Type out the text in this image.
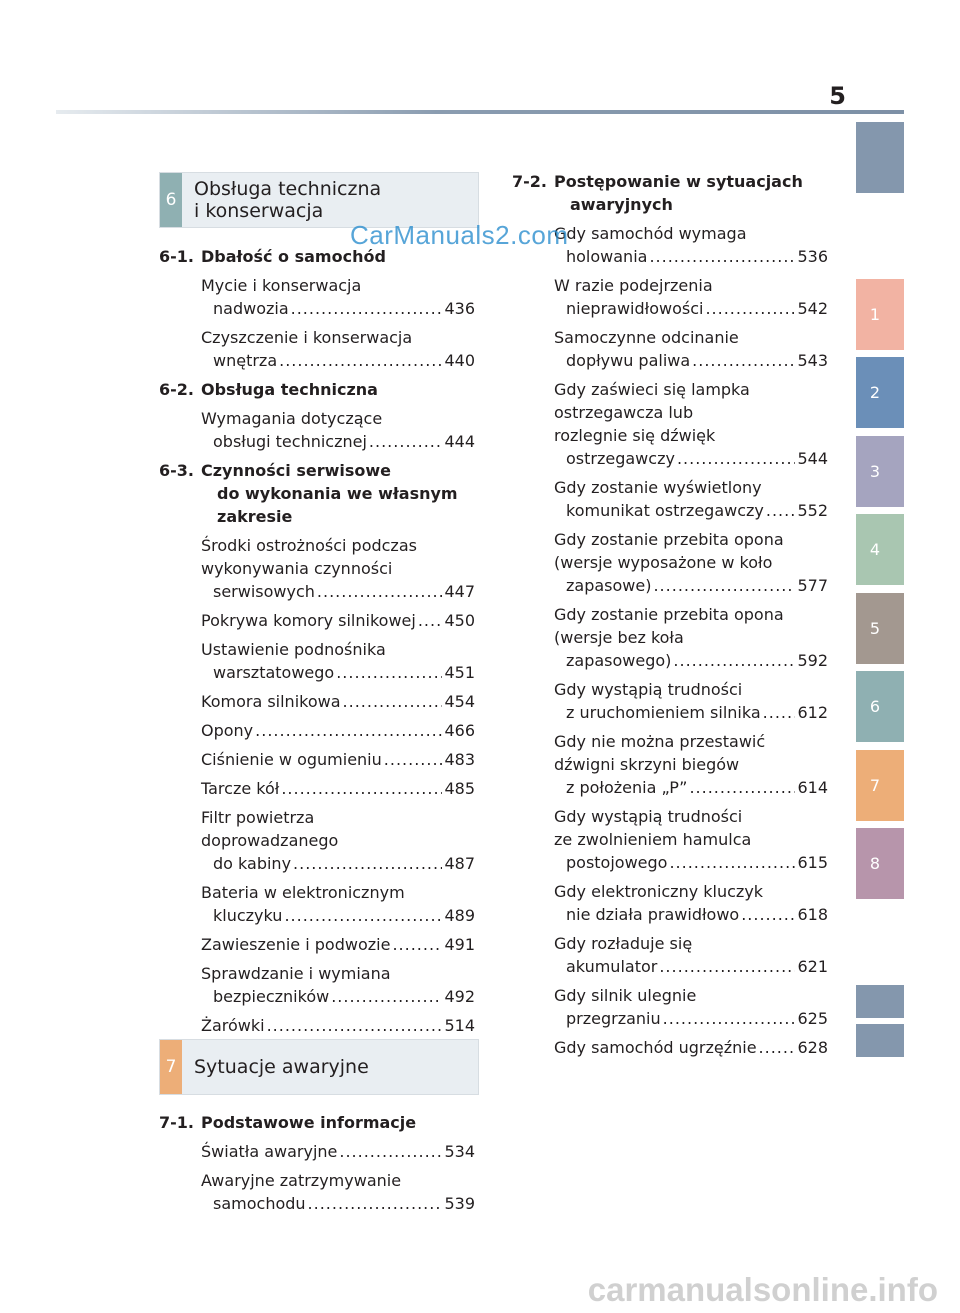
5
1
2
3
4
5
6
7
8
6 Obsługa techniczna
i konserwacja
7 Sytuacje awaryjne
6-1. Dbałość o samochód
Mycie i konserwacja
nadwozia .....	436
Czyszczenie i konserwacja
wnętrza .....	440
6-2. Obsługa techniczna
Wymagania dotyczące
obsługi technicznej .....	444
6-3. Czynności serwisowe
do wykonania we własnym
zakresie
Środki ostrożności podczas
wykonywania czynności
serwisowych .....	447
Pokrywa komory silnikowej ..... 450
Ustawienie podnośnika
warsztatowego .....	451
Komora silnikowa .....	454
Opony .....	466
Ciśnienie w ogumieniu .....	483
Tarcze kół .....	485
Filtr powietrza
doprowadzanego
do kabiny .....	487
Bateria w elektronicznym
kluczyku .....	489
Zawieszenie i podwozie .....	491
Sprawdzanie i wymiana
bezpieczników .....	492
Żarówki .....	514
7-1. Podstawowe informacje
Światła awaryjne .....	534
Awaryjne zatrzymywanie
samochodu .....	539
7-2. Postępowanie w sytuacjach
awaryjnych
Gdy samochód wymaga
holowania .....	536
W razie podejrzenia
nieprawidłowości .....	542
Samoczynne odcinanie
dopływu paliwa .....	543
Gdy zaświeci się lampka
ostrzegawcza lub
rozlegnie się dźwięk
ostrzegawczy .....	544
Gdy zostanie wyświetlony
komunikat ostrzegawczy ..... 552
Gdy zostanie przebita opona
(wersje wyposażone w koło
zapasowe) .....	577
Gdy zostanie przebita opona
(wersje bez koła
zapasowego) .....	592
Gdy wystąpią trudności
z uruchomieniem silnika ..... 612
Gdy nie można przestawić
dźwigni skrzyni biegów
z położenia „P” .....	614
Gdy wystąpią trudności
ze zwolnieniem hamulca
postojowego .....	615
Gdy elektroniczny kluczyk
nie działa prawidłowo .....	618
Gdy rozładuje się
akumulator .....	621
Gdy silnik ulegnie
przegrzaniu .....	625
Gdy samochód ugrzęźnie .....	628
CarManuals2.com
carmanualsonline.info
